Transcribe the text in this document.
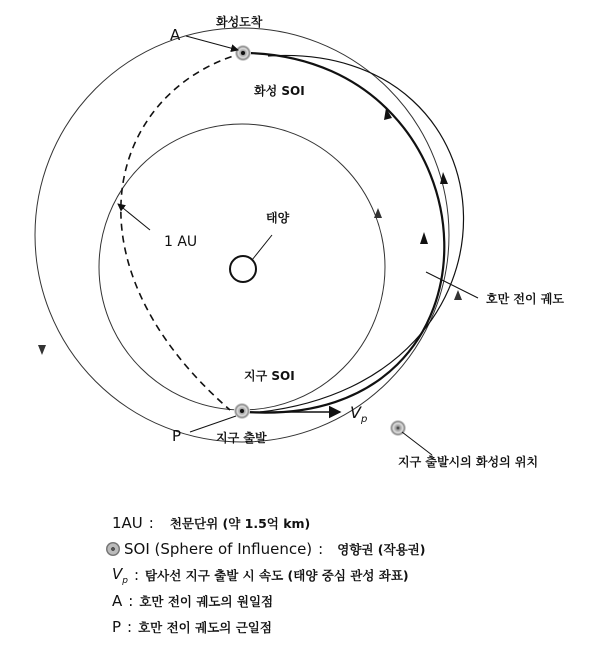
화성도착
A
화성 SOI
태양
1 AU
호만 전이 궤도
지구 SOI
P	지구 출발
$V_p$
지구 출발시의 화성의 위치
1AU : 천문단위 (약 1.5억 km)
SOI (Sphere of Influence) : 영향권 (작용권)
$V_p$ : 탐사선 지구 출발 시 속도 (태양 중심 관성 좌표)
A : 호만 전이 궤도의 원일점
P : 호만 전이 궤도의 근일점
